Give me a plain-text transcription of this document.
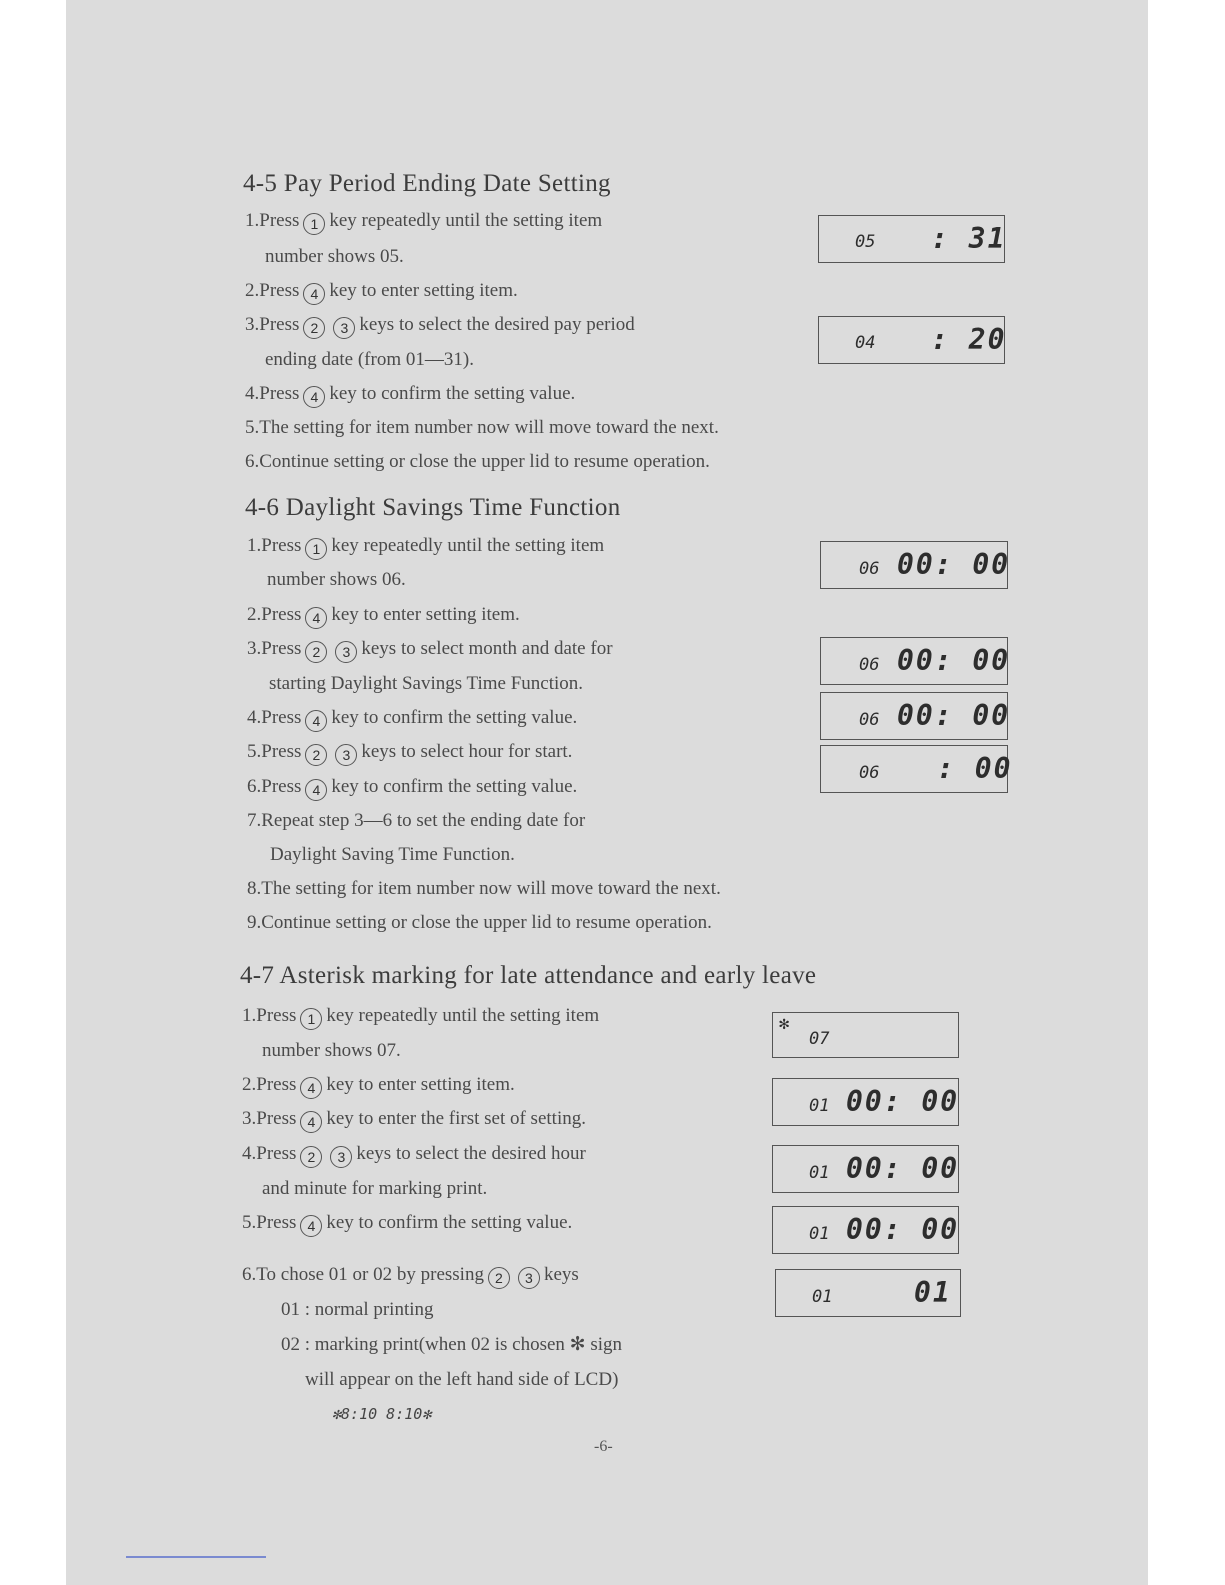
4-5 Pay Period Ending Date Setting
1.Press 1 key repeatedly until the setting item
number shows 05.
2.Press 4 key to enter setting item.
3.Press 2 3 keys to select the desired pay period
ending date (from 01—31).
4.Press 4 key to confirm the setting value.
5.The setting for item number now will move toward the next.
6.Continue setting or close the upper lid to resume operation.
05 : 31
04 : 20
4-6 Daylight Savings Time Function
1.Press 1 key repeatedly until the setting item
number shows 06.
2.Press 4 key to enter setting item.
3.Press 2 3 keys to select month and date for
starting Daylight Savings Time Function.
4.Press 4 key to confirm the setting value.
5.Press 2 3 keys to select hour for start.
6.Press 4 key to confirm the setting value.
7.Repeat step 3—6 to set the ending date for
Daylight Saving Time Function.
8.The setting for item number now will move toward the next.
9.Continue setting or close the upper lid to resume operation.
06 00: 00
06 00: 00
06 00: 00
06 : 00
4-7 Asterisk marking for late attendance and early leave
1.Press 1 key repeatedly until the setting item
number shows 07.
2.Press 4 key to enter setting item.
3.Press 4 key to enter the first set of setting.
4.Press 2 3 keys to select the desired hour
and minute for marking print.
5.Press 4 key to confirm the setting value.
6.To chose 01 or 02 by pressing 2 3 keys
01 : normal printing
02 : marking print(when 02 is chosen ✻ sign
will appear on the left hand side of LCD)
✻8:10 8:10✻
✻
07
01 00: 00
01 00: 00
01 00: 00
01	01
-6-
